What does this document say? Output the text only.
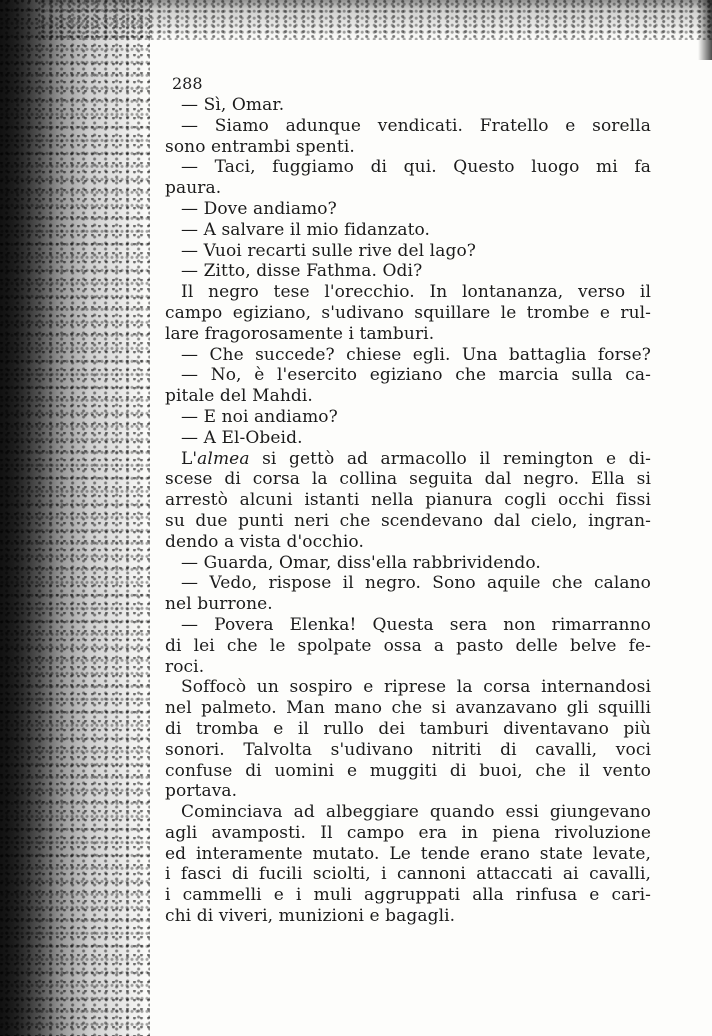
288
— Sì, Omar.
— Siamo adunque vendicati. Fratello e sorella
sono entrambi spenti.
— Taci, fuggiamo di qui. Questo luogo mi fa
paura.
— Dove andiamo?
— A salvare il mio fidanzato.
— Vuoi recarti sulle rive del lago?
— Zitto, disse Fathma. Odi?
Il negro tese l'orecchio. In lontananza, verso il
campo egiziano, s'udivano squillare le trombe e rul-
lare fragorosamente i tamburi.
— Che succede? chiese egli. Una battaglia forse?
— No, è l'esercito egiziano che marcia sulla ca-
pitale del Mahdi.
— E noi andiamo?
— A El-Obeid.
L'almea si gettò ad armacollo il remington e di-
scese di corsa la collina seguita dal negro. Ella si
arrestò alcuni istanti nella pianura cogli occhi fissi
su due punti neri che scendevano dal cielo, ingran-
dendo a vista d'occhio.
— Guarda, Omar, diss'ella rabbrividendo.
— Vedo, rispose il negro. Sono aquile che calano
nel burrone.
— Povera Elenka! Questa sera non rimarranno
di lei che le spolpate ossa a pasto delle belve fe-
roci.
Soffocò un sospiro e riprese la corsa internandosi
nel palmeto. Man mano che si avanzavano gli squilli
di tromba e il rullo dei tamburi diventavano più
sonori. Talvolta s'udivano nitriti di cavalli, voci
confuse di uomini e muggiti di buoi, che il vento
portava.
Cominciava ad albeggiare quando essi giungevano
agli avamposti. Il campo era in piena rivoluzione
ed interamente mutato. Le tende erano state levate,
i fasci di fucili sciolti, i cannoni attaccati ai cavalli,
i cammelli e i muli aggruppati alla rinfusa e cari-
chi di viveri, munizioni e bagagli.
